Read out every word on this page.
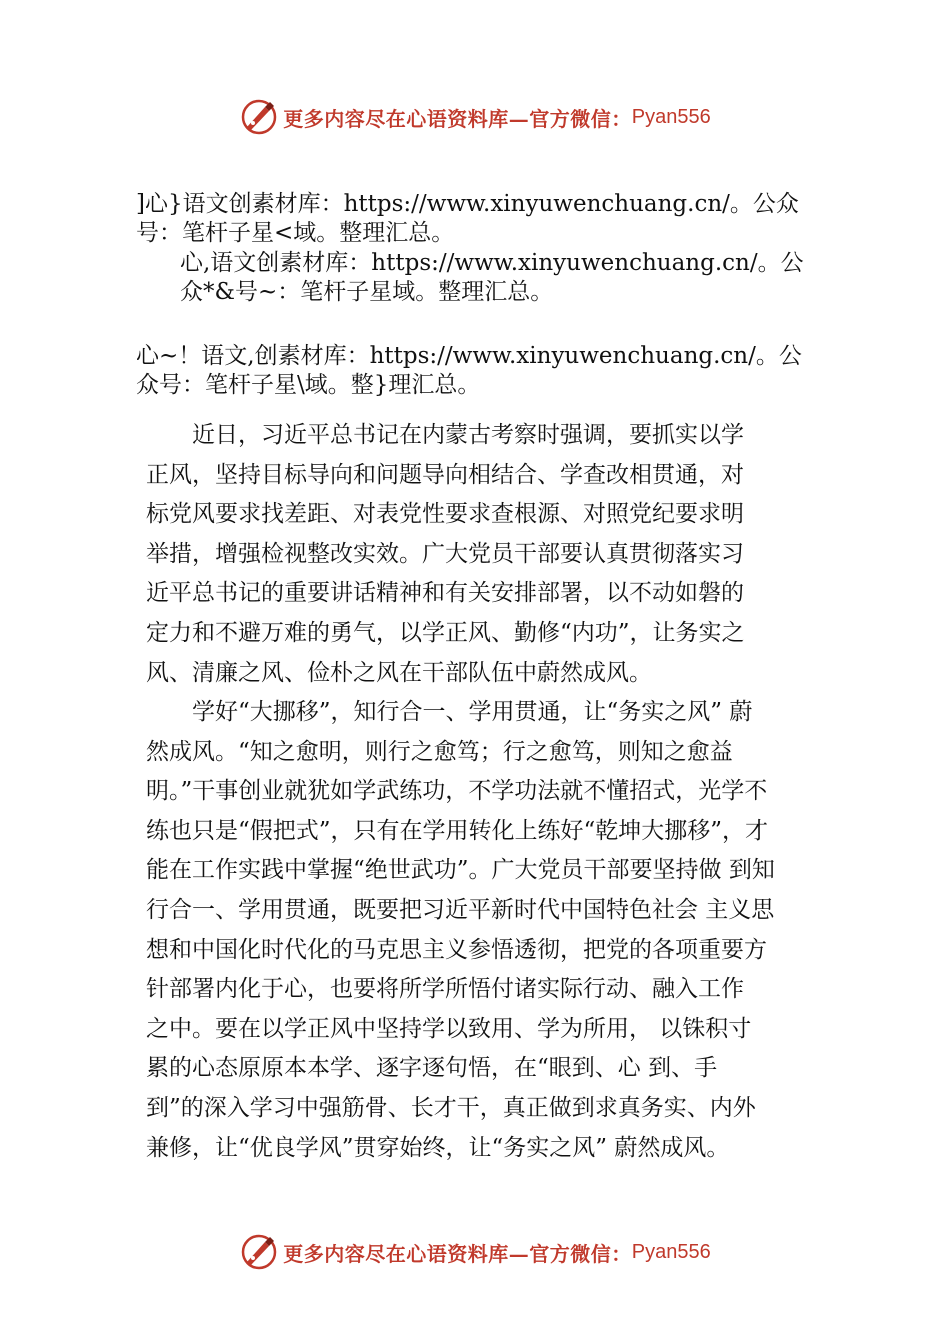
更多内容尽在心语资料库—官方微信： Pyan556
]心}语文创素材库：https://www.xinyuwenchuang.cn/。公众
号：笔杆子星<域。整理汇总。
心,语文创素材库：https://www.xinyuwenchuang.cn/。公
众*&号~：笔杆子星域。整理汇总。
心~！语文,创素材库：https://www.xinyuwenchuang.cn/。公
众号：笔杆子星\域。整}理汇总。
　　近日，习近平总书记在内蒙古考察时强调，要抓实以学
正风，坚持目标导向和问题导向相结合、学查改相贯通，对
标党风要求找差距、对表党性要求查根源、对照党纪要求明
举措，增强检视整改实效。广大党员干部要认真贯彻落实习
近平总书记的重要讲话精神和有关安排部署，以不动如磐的
定力和不避万难的勇气，以学正风、勤修“内功”，让务实之
风、清廉之风、俭朴之风在干部队伍中蔚然成风。
　　学好“大挪移”，知行合一、学用贯通，让“务实之风” 蔚
然成风。“知之愈明，则行之愈笃；行之愈笃，则知之愈益
明。”干事创业就犹如学武练功，不学功法就不懂招式，光学不
练也只是“假把式”，只有在学用转化上练好“乾坤大挪移”，才
能在工作实践中掌握“绝世武功”。广大党员干部要坚持做 到知
行合一、学用贯通，既要把习近平新时代中国特色社会 主义思
想和中国化时代化的马克思主义参悟透彻，把党的各项重要方
针部署内化于心，也要将所学所悟付诸实际行动、融入工作
之中。要在以学正风中坚持学以致用、学为所用， 以铢积寸
累的心态原原本本学、逐字逐句悟，在“眼到、心 到、手
到”的深入学习中强筋骨、长才干，真正做到求真务实、内外
兼修，让“优良学风”贯穿始终，让“务实之风” 蔚然成风。
更多内容尽在心语资料库—官方微信： Pyan556
